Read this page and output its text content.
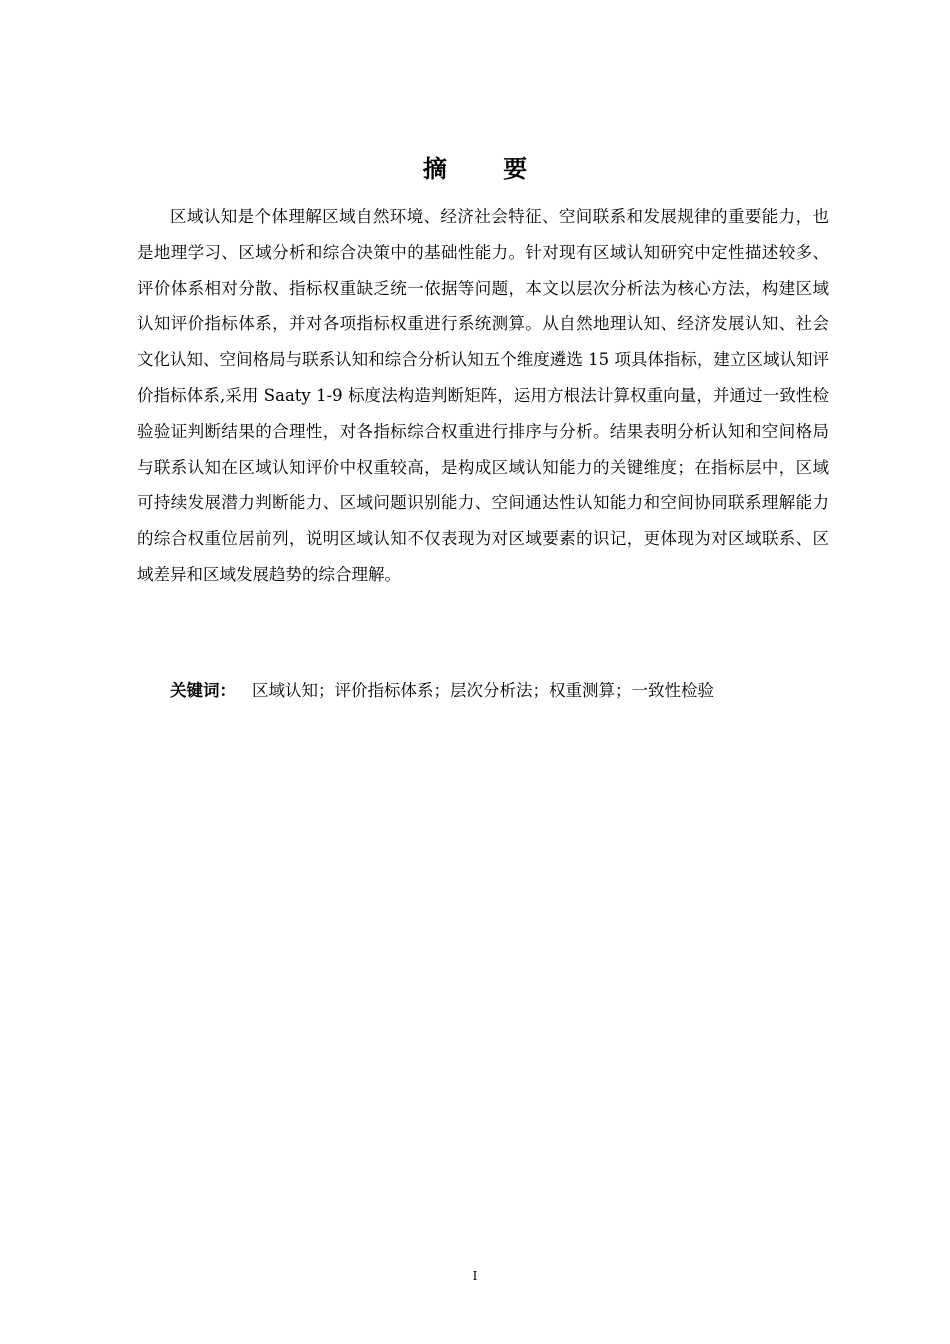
摘 要

区域认知是个体理解区域自然环境、经济社会特征、空间联系和发展规律的重要能力，也是地理学习、区域分析和综合决策中的基础性能力。针对现有区域认知研究中定性描述较多、评价体系相对分散、指标权重缺乏统一依据等问题，本文以层次分析法为核心方法，构建区域认知评价指标体系，并对各项指标权重进行系统测算。从自然地理认知、经济发展认知、社会文化认知、空间格局与联系认知和综合分析认知五个维度遴选 15 项具体指标，建立区域认知评价指标体系,采用 Saaty 1-9 标度法构造判断矩阵，运用方根法计算权重向量，并通过一致性检验验证判断结果的合理性，对各指标综合权重进行排序与分析。结果表明分析认知和空间格局与联系认知在区域认知评价中权重较高，是构成区域认知能力的关键维度；在指标层中，区域可持续发展潜力判断能力、区域问题识别能力、空间通达性认知能力和空间协同联系理解能力的综合权重位居前列，说明区域认知不仅表现为对区域要素的识记，更体现为对区域联系、区域差异和区域发展趋势的综合理解。

关键词： 区域认知；评价指标体系；层次分析法；权重测算；一致性检验
I
